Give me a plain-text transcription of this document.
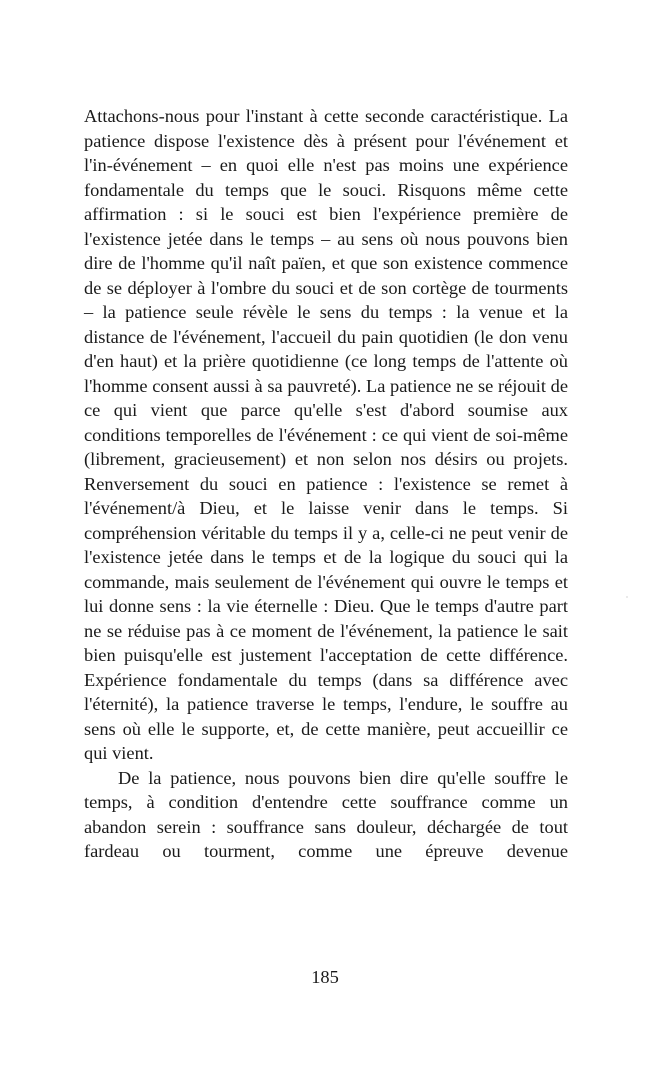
Attachons-nous pour l'instant à cette seconde caractéristique. La patience dispose l'existence dès à présent pour l'événement et l'in-événement – en quoi elle n'est pas moins une expérience fondamentale du temps que le souci. Risquons même cette affirmation : si le souci est bien l'expérience première de l'existence jetée dans le temps – au sens où nous pouvons bien dire de l'homme qu'il naît païen, et que son existence commence de se déployer à l'ombre du souci et de son cortège de tourments – la patience seule révèle le sens du temps : la venue et la distance de l'événement, l'accueil du pain quotidien (le don venu d'en haut) et la prière quotidienne (ce long temps de l'attente où l'homme consent aussi à sa pauvreté). La patience ne se réjouit de ce qui vient que parce qu'elle s'est d'abord soumise aux conditions temporelles de l'événement : ce qui vient de soi-même (librement, gracieusement) et non selon nos désirs ou projets. Renversement du souci en patience : l'existence se remet à l'événement/à Dieu, et le laisse venir dans le temps. Si compréhension véritable du temps il y a, celle-ci ne peut venir de l'existence jetée dans le temps et de la logique du souci qui la commande, mais seulement de l'événement qui ouvre le temps et lui donne sens : la vie éternelle : Dieu. Que le temps d'autre part ne se réduise pas à ce moment de l'événement, la patience le sait bien puisqu'elle est justement l'acceptation de cette différence. Expérience fondamentale du temps (dans sa différence avec l'éternité), la patience traverse le temps, l'endure, le souffre au sens où elle le supporte, et, de cette manière, peut accueillir ce qui vient.

De la patience, nous pouvons bien dire qu'elle souffre le temps, à condition d'entendre cette souffrance comme un abandon serein : souffrance sans douleur, déchargée de tout fardeau ou tourment, comme une épreuve devenue

185
